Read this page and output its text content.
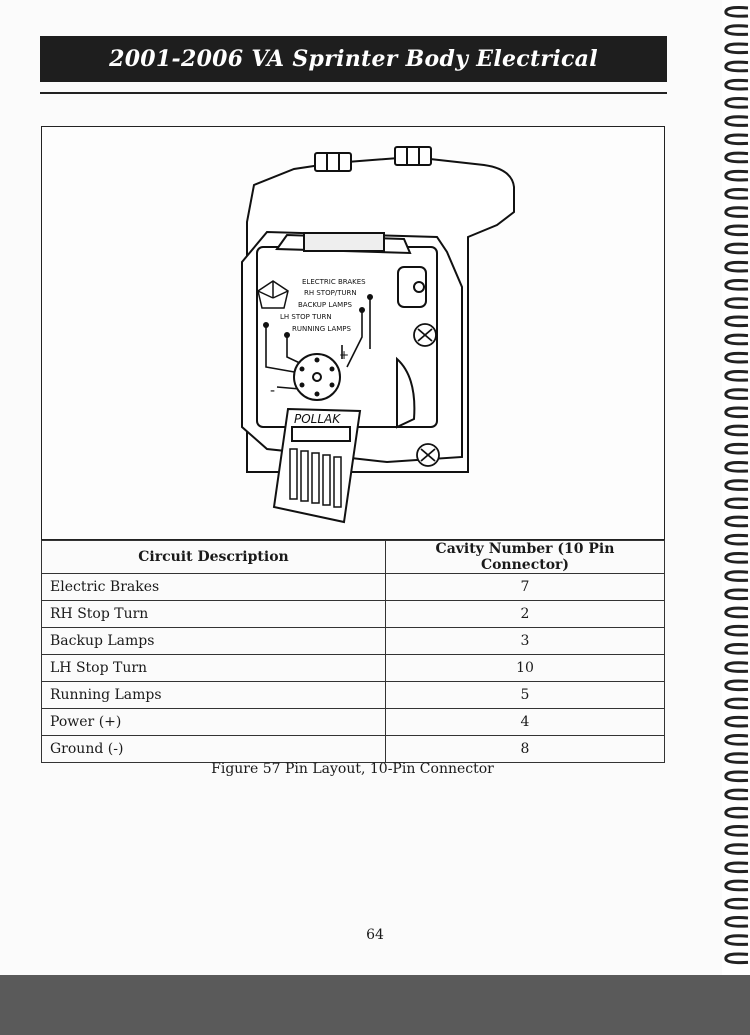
2001-2006 VA Sprinter Body Electrical
ELECTRIC BRAKES
RH STOP/TURN
BACKUP LAMPS
LH STOP TURN
RUNNING LAMPS
+
-
POLLAK
Circuit Description	Cavity Number (10 Pin Connector)
Electric Brakes	7
RH Stop Turn	2
Backup Lamps	3
LH Stop Turn	10
Running Lamps	5
Power (+)	4
Ground (-)	8
Figure 57 Pin Layout, 10-Pin Connector
64
